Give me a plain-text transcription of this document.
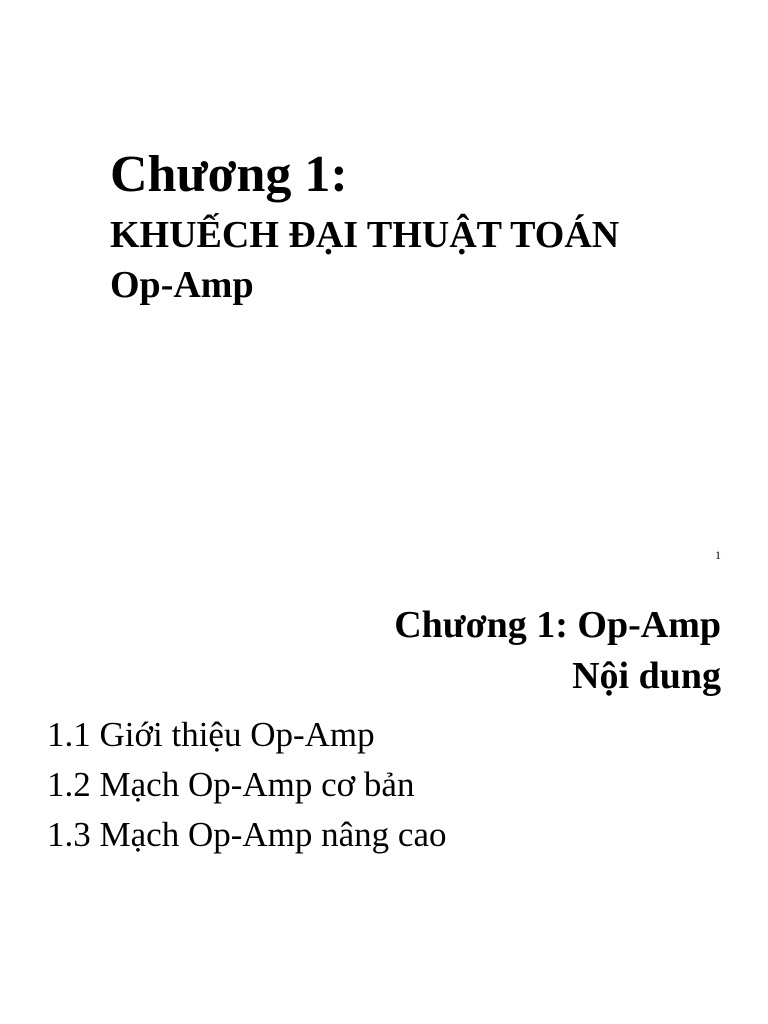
Chương 1:
KHUẾCH ĐẠI THUẬT TOÁN
Op-Amp
1
Chương 1: Op-Amp
Nội dung
1.1 Giới thiệu Op-Amp
1.2 Mạch Op-Amp cơ bản
1.3 Mạch Op-Amp nâng cao
